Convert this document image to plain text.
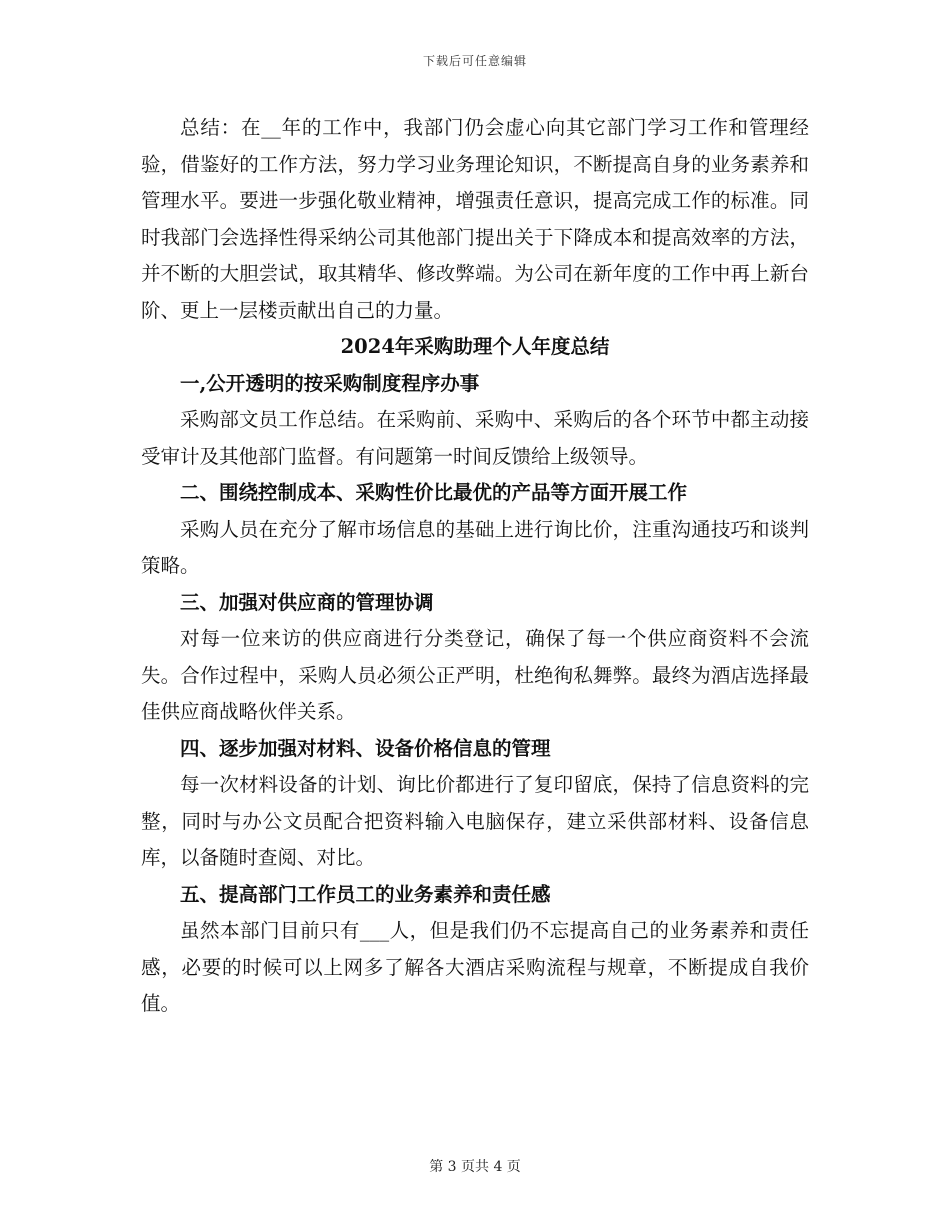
下载后可任意编辑

总结：在__年的工作中，我部门仍会虚心向其它部门学习工作和管理经验，借鉴好的工作方法，努力学习业务理论知识，不断提高自身的业务素养和管理水平。要进一步强化敬业精神，增强责任意识，提高完成工作的标准。同时我部门会选择性得采纳公司其他部门提出关于下降成本和提高效率的方法，并不断的大胆尝试，取其精华、修改弊端。为公司在新年度的工作中再上新台阶、更上一层楼贡献出自己的力量。

2024年采购助理个人年度总结

一,公开透明的按采购制度程序办事

采购部文员工作总结。在采购前、采购中、采购后的各个环节中都主动接受审计及其他部门监督。有问题第一时间反馈给上级领导。

二、围绕控制成本、采购性价比最优的产品等方面开展工作

采购人员在充分了解市场信息的基础上进行询比价，注重沟通技巧和谈判策略。

三、加强对供应商的管理协调

对每一位来访的供应商进行分类登记，确保了每一个供应商资料不会流失。合作过程中，采购人员必须公正严明，杜绝徇私舞弊。最终为酒店选择最佳供应商战略伙伴关系。

四、逐步加强对材料、设备价格信息的管理

每一次材料设备的计划、询比价都进行了复印留底，保持了信息资料的完整，同时与办公文员配合把资料输入电脑保存，建立采供部材料、设备信息库，以备随时查阅、对比。

五、提高部门工作员工的业务素养和责任感

虽然本部门目前只有___人，但是我们仍不忘提高自己的业务素养和责任感，必要的时候可以上网多了解各大酒店采购流程与规章，不断提成自我价值。

第 3 页共 4 页
